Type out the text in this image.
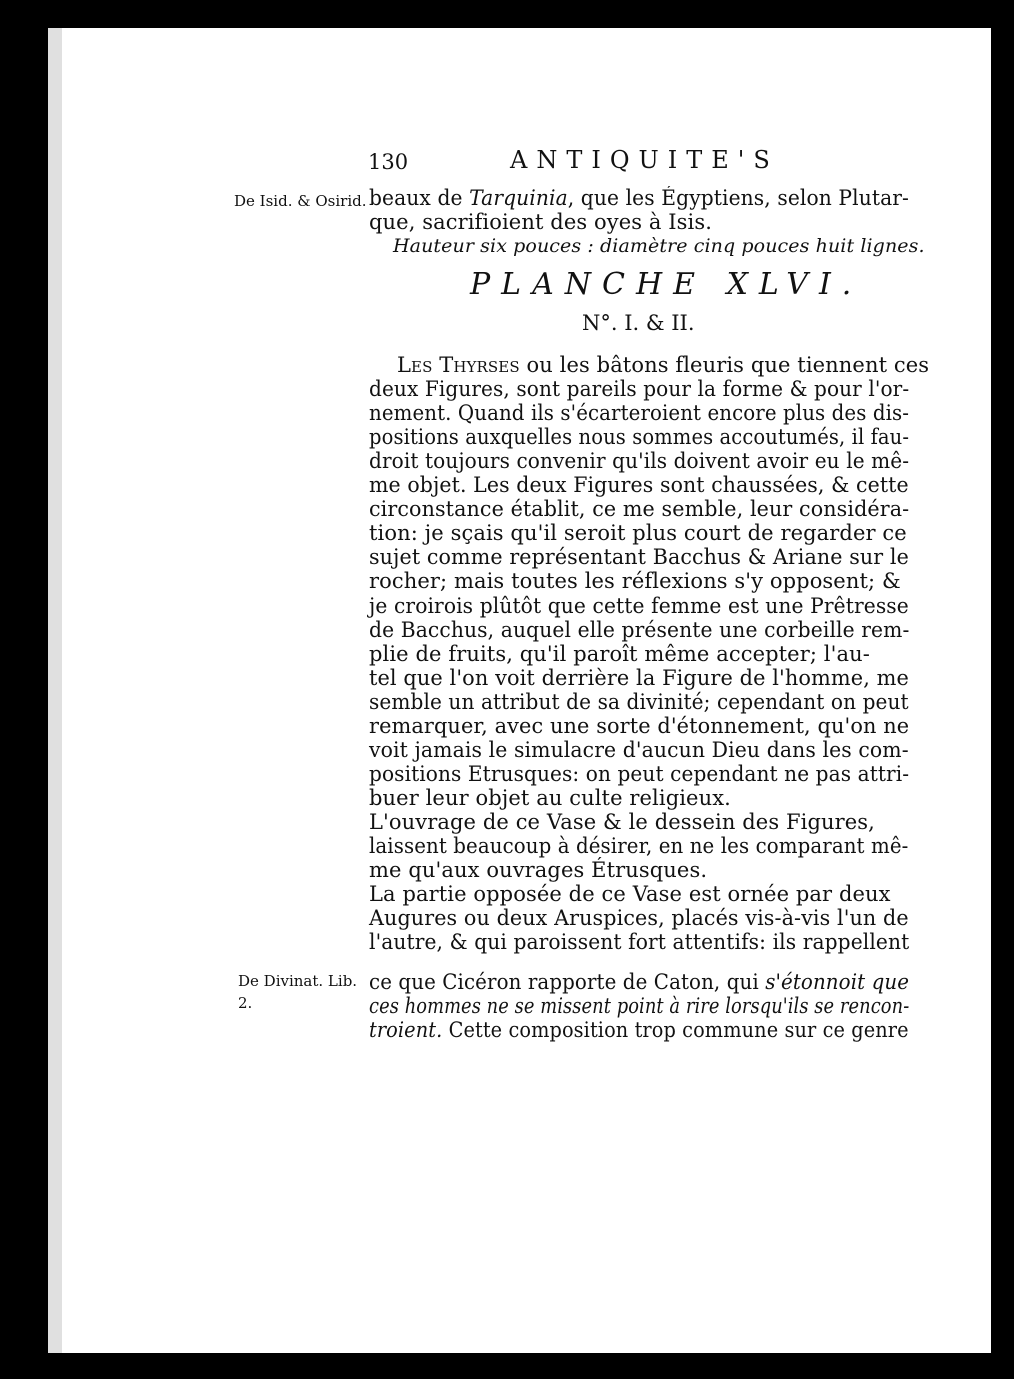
130	ANTIQUITE'S
De Isid. & Osirid.
De Divinat. Lib.
2.
beaux de Tarquinia, que les Égyptiens, selon Plutar-
que, sacrifioient des oyes à Isis.
Hauteur six pouces : diamètre cinq pouces huit lignes.
PLANCHE XLVI.
N°. I. & II.
Les Thyrses ou les bâtons fleuris que tiennent ces
deux Figures, sont pareils pour la forme & pour l'or-
nement. Quand ils s'écarteroient encore plus des dis-
positions auxquelles nous sommes accoutumés, il fau-
droit toujours convenir qu'ils doivent avoir eu le mê-
me objet. Les deux Figures sont chaussées, & cette
circonstance établit, ce me semble, leur considéra-
tion: je sçais qu'il seroit plus court de regarder ce
sujet comme représentant Bacchus & Ariane sur le
rocher; mais toutes les réflexions s'y opposent; &
je croirois plûtôt que cette femme est une Prêtresse
de Bacchus, auquel elle présente une corbeille rem-
plie de fruits, qu'il paroît même accepter; l'au-
tel que l'on voit derrière la Figure de l'homme, me
semble un attribut de sa divinité; cependant on peut
remarquer, avec une sorte d'étonnement, qu'on ne
voit jamais le simulacre d'aucun Dieu dans les com-
positions Etrusques: on peut cependant ne pas attri-
buer leur objet au culte religieux.
L'ouvrage de ce Vase & le dessein des Figures,
laissent beaucoup à désirer, en ne les comparant mê-
me qu'aux ouvrages Étrusques.
La partie opposée de ce Vase est ornée par deux
Augures ou deux Aruspices, placés vis-à-vis l'un de
l'autre, & qui paroissent fort attentifs: ils rappellent
ce que Cicéron rapporte de Caton, qui s'étonnoit que
ces hommes ne se missent point à rire lorsqu'ils se rencon-
troient. Cette composition trop commune sur ce genre
